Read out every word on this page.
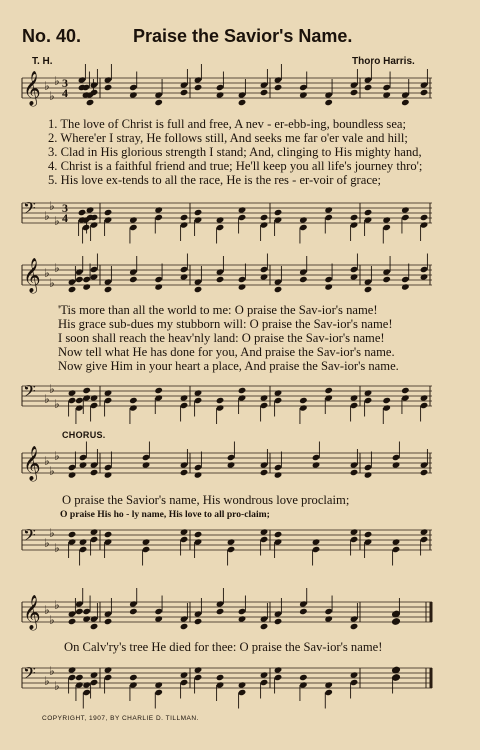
No. 40.	Praise the Savior's Name.
T. H.	Thoro Harris.
𝄞 ♭
♭
♭ 3
4
1. The love of Christ is full and free, A nev - er-ebb-ing, boundless sea;
2. Where'er I stray, He follows still, And seeks me far o'er vale and hill;
3. Clad in His glorious strength I stand; And, clinging to His mighty hand,
4. Christ is a faithful friend and true; He'll keep you all life's journey thro';
5. His love ex-tends to all the race, He is the res - er-voir of grace;
𝄢 ♭
♭
♭
3
4
𝄞 ♭
♭
♭
'Tis more than all the world to me: O praise the Sav-ior's name!
His grace sub-dues my stubborn will: O praise the Sav-ior's name!
I soon shall reach the heav'nly land: O praise the Sav-ior's name!
Now tell what He has done for you, And praise the Sav-ior's name.
Now give Him in your heart a place, And praise the Sav-ior's name.
𝄢 ♭
♭
♭
CHORUS.
𝄞 ♭
♭
♭
O praise the Savior's name, His wondrous love proclaim;
O praise His ho - ly name, His love to all pro-claim;
𝄢 ♭
♭
♭
𝄞 ♭
♭
♭
On Calv'ry's tree He died for thee: O praise the Sav-ior's name!
𝄢 ♭
♭
♭
COPYRIGHT, 1907, BY CHARLIE D. TILLMAN.
